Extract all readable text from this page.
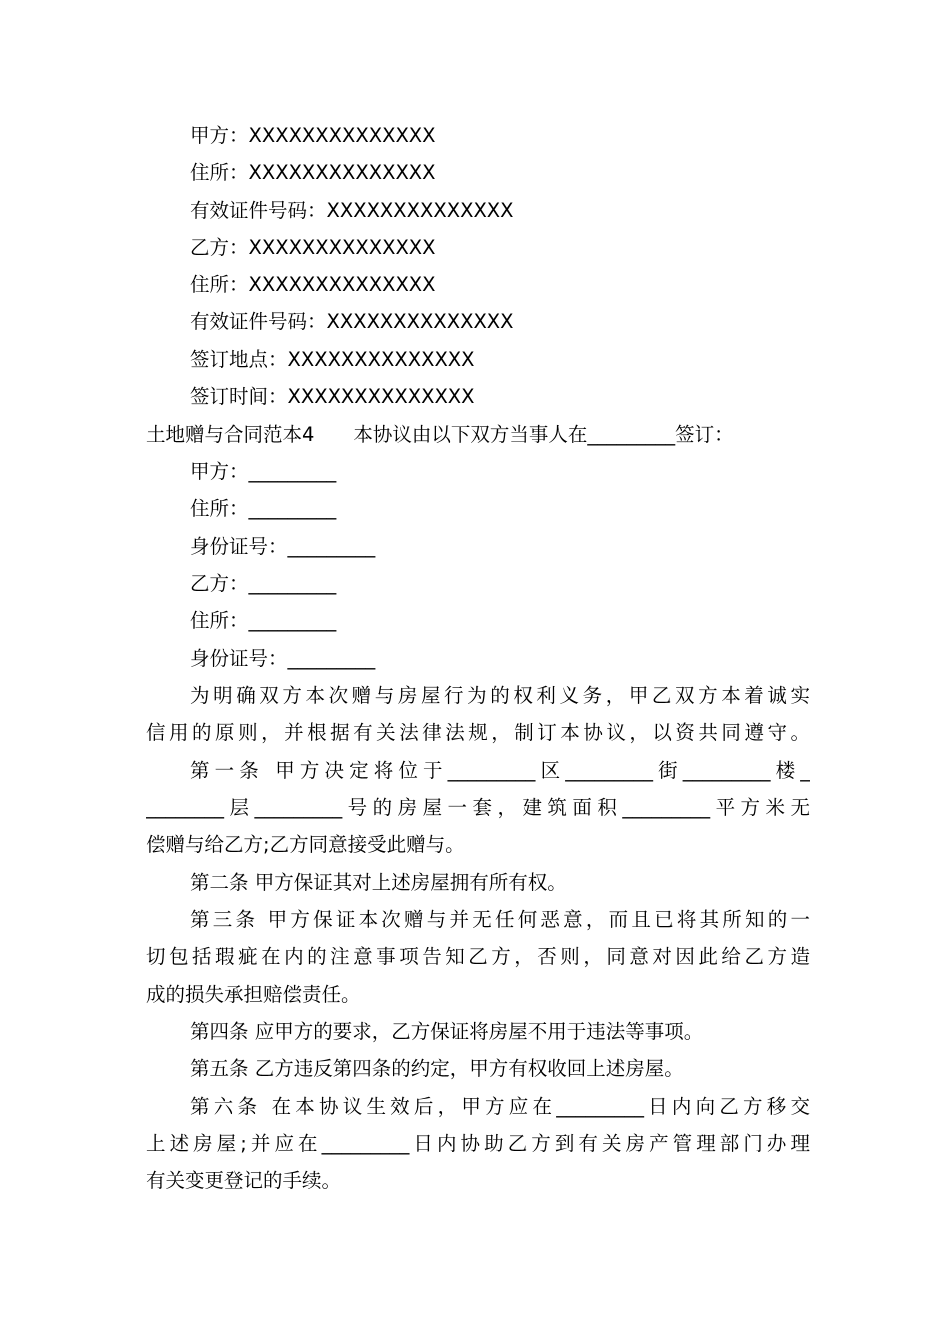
甲方：XXXXXXXXXXXXXX
住所：XXXXXXXXXXXXXX
有效证件号码：XXXXXXXXXXXXXX
乙方：XXXXXXXXXXXXXX
住所：XXXXXXXXXXXXXX
有效证件号码：XXXXXXXXXXXXXX
签订地点：XXXXXXXXXXXXXX
签订时间：XXXXXXXXXXXXXX
土地赠与合同范本4　　本协议由以下双方当事人在_________签订：
甲方：_________
住所：_________
身份证号：_________
乙方：_________
住所：_________
身份证号：_________
为明确双方本次赠与房屋行为的权利义务，甲乙双方本着诚实
信用的原则，并根据有关法律法规，制订本协议，以资共同遵守。
第一条 甲方决定将位于_________区_________街_________楼_
________层_________号的房屋一套，建筑面积_________平方米无
偿赠与给乙方;乙方同意接受此赠与。
第二条 甲方保证其对上述房屋拥有所有权。
第三条 甲方保证本次赠与并无任何恶意，而且已将其所知的一
切包括瑕疵在内的注意事项告知乙方，否则，同意对因此给乙方造
成的损失承担赔偿责任。
第四条 应甲方的要求，乙方保证将房屋不用于违法等事项。
第五条 乙方违反第四条的约定，甲方有权收回上述房屋。
第六条 在本协议生效后，甲方应在_________日内向乙方移交
上述房屋;并应在_________日内协助乙方到有关房产管理部门办理
有关变更登记的手续。
